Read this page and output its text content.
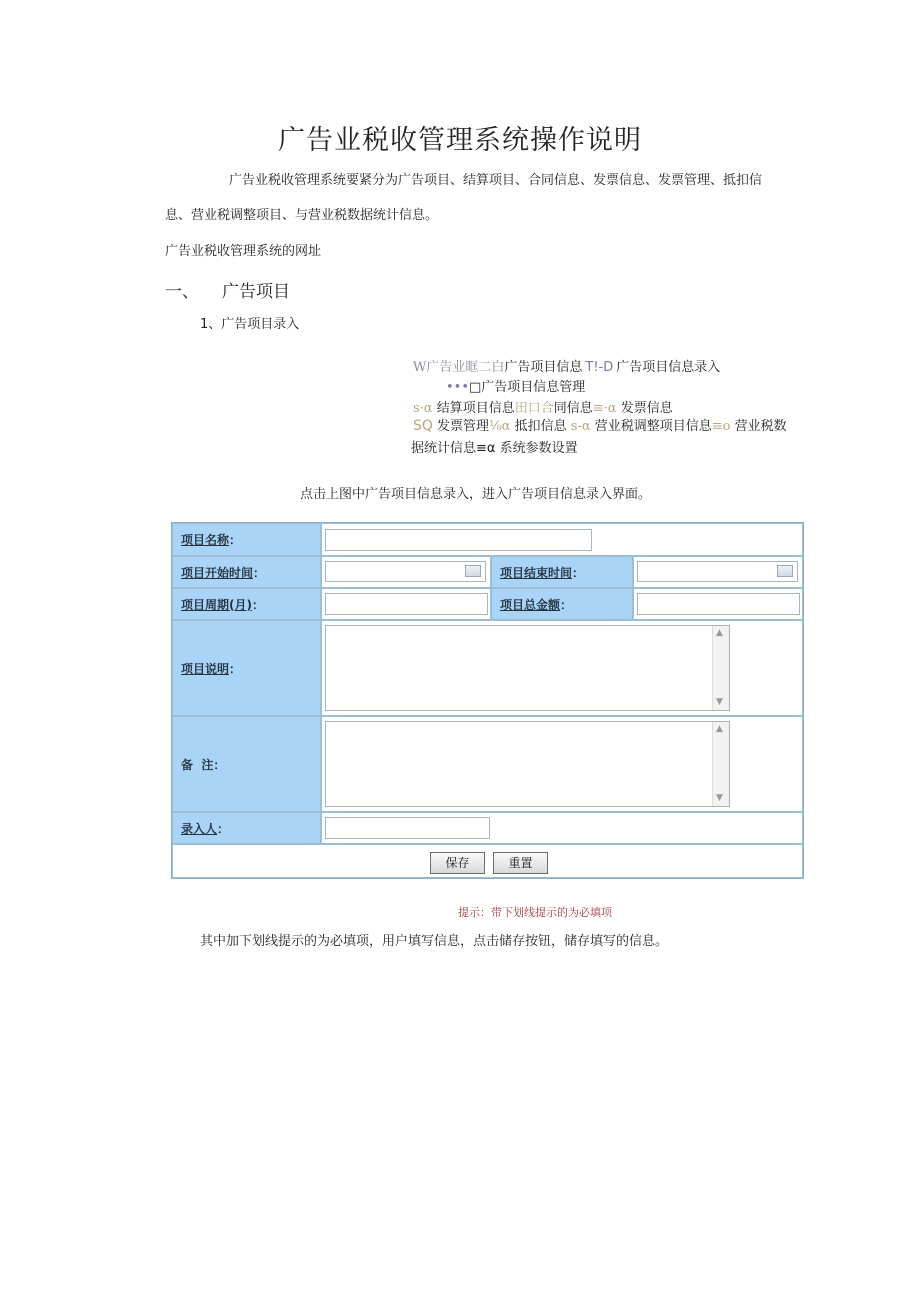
广告业税收管理系统操作说明
广告业税收管理系统要紧分为广告项目、结算项目、合同信息、发票信息、发票管理、抵扣信
息、营业税调整项目、与营业税数据统计信息。
广告业税收管理系统的网址
一、 广告项目
1、广告项目录入
W广告业眶二白广告项目信息 T!-D 广告项目信息录入
•••□广告项目信息管理
s·α 结算项目信息田口合同信息≡·α 发票信息
SQ 发票管理⅛α 抵扣信息 s-α 营业税调整项目信息≡o 营业税数
据统计信息≡α 系统参数设置
点击上图中广告项目信息录入，进入广告项目信息录入界面。
项目名称 ：
项目开始时间 ：	项目结束时间 ：
项目周期(月) ：	项目总金额 ：
项目说明 ：
▲
▼
备  注 ：
▲
▼
录入人 ：
保存	重置
提示：带下划线提示的为必填项
其中加下划线提示的为必填项，用户填写信息，点击储存按钮，储存填写的信息。
